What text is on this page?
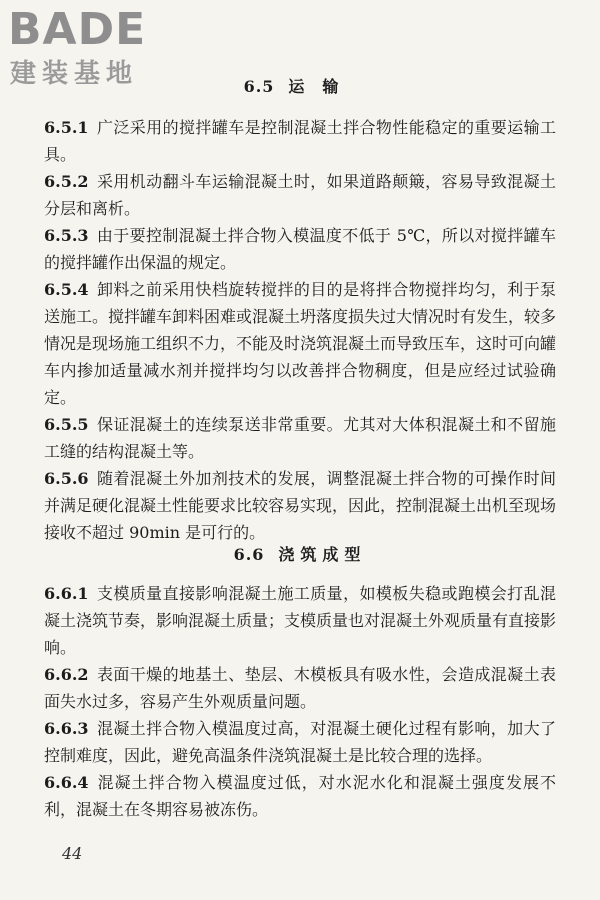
BADE
建装基地	6.5 运输

6.5.1 广泛采用的搅拌罐车是控制混凝土拌合物性能稳定的重要运输工具。

6.5.2 采用机动翻斗车运输混凝土时，如果道路颠簸，容易导致混凝土分层和离析。

6.5.3 由于要控制混凝土拌合物入模温度不低于 5℃，所以对搅拌罐车的搅拌罐作出保温的规定。

6.5.4 卸料之前采用快档旋转搅拌的目的是将拌合物搅拌均匀，利于泵送施工。搅拌罐车卸料困难或混凝土坍落度损失过大情况时有发生，较多情况是现场施工组织不力，不能及时浇筑混凝土而导致压车，这时可向罐车内掺加适量减水剂并搅拌均匀以改善拌合物稠度，但是应经过试验确定。

6.5.5 保证混凝土的连续泵送非常重要。尤其对大体积混凝土和不留施工缝的结构混凝土等。

6.5.6 随着混凝土外加剂技术的发展，调整混凝土拌合物的可操作时间并满足硬化混凝土性能要求比较容易实现，因此，控制混凝土出机至现场接收不超过 90min 是可行的。

6.6 浇筑成型

6.6.1 支模质量直接影响混凝土施工质量，如模板失稳或跑模会打乱混凝土浇筑节奏，影响混凝土质量；支模质量也对混凝土外观质量有直接影响。

6.6.2 表面干燥的地基土、垫层、木模板具有吸水性，会造成混凝土表面失水过多，容易产生外观质量问题。

6.6.3 混凝土拌合物入模温度过高，对混凝土硬化过程有影响，加大了控制难度，因此，避免高温条件浇筑混凝土是比较合理的选择。

6.6.4 混凝土拌合物入模温度过低，对水泥水化和混凝土强度发展不利，混凝土在冬期容易被冻伤。

44
